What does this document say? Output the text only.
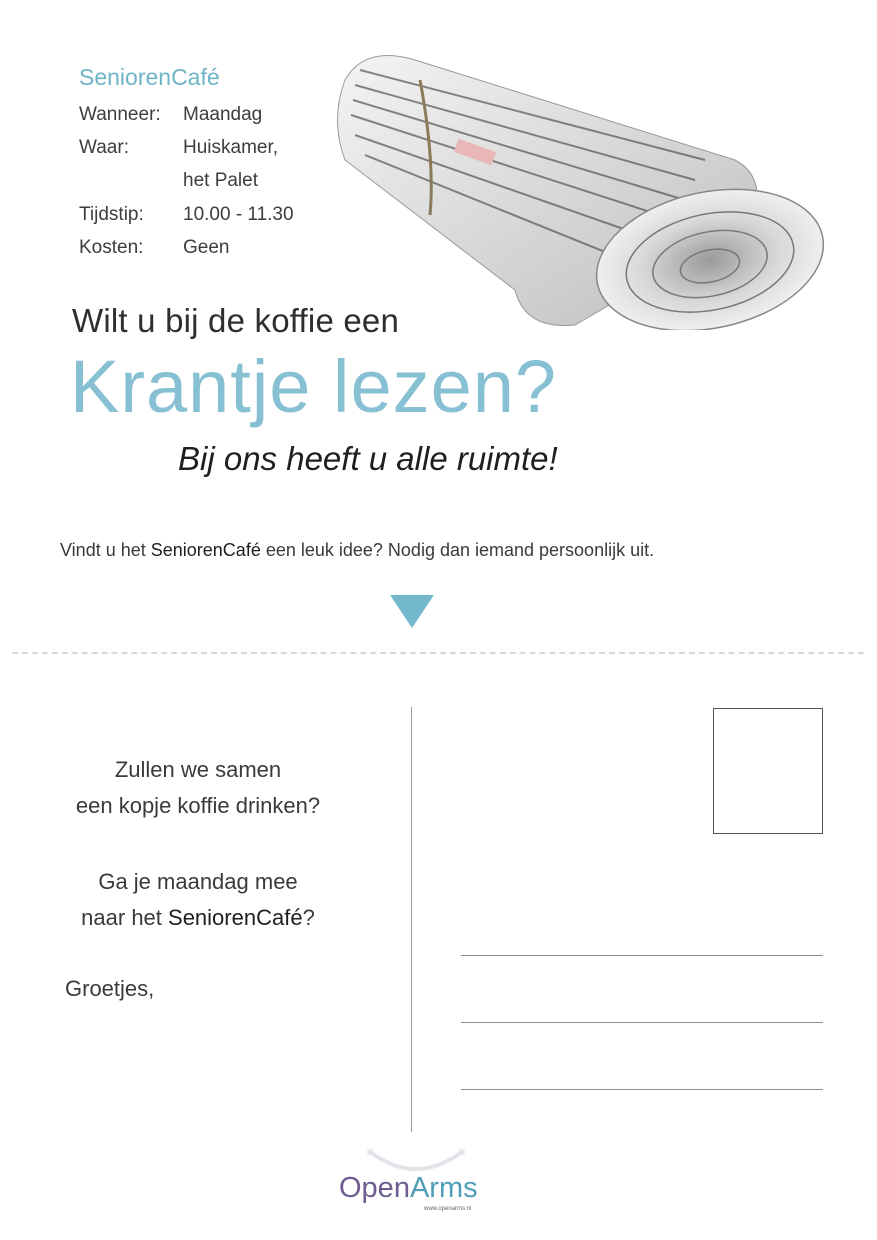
SeniorenCafé
Wanneer: Maandag
Waar:	Huiskamer,
het Palet
Tijdstip: 10.00 - 11.30
Kosten: Geen
Wilt u bij de koffie een
Krantje lezen?
Bij ons heeft u alle ruimte!
Vindt u het SeniorenCafé een leuk idee? Nodig dan iemand persoonlijk uit.
Zullen we samen
een kopje koffie drinken?
Ga je maandag mee
naar het SeniorenCafé?
Groetjes,
OpenArms
www.openarms.nl
